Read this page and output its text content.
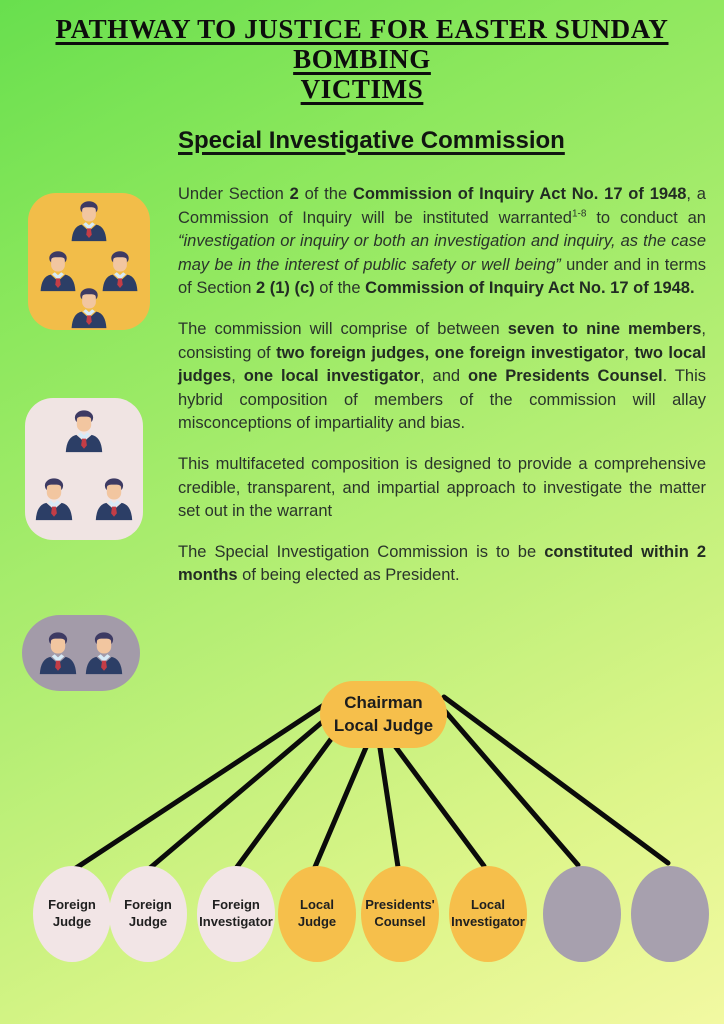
PATHWAY TO JUSTICE FOR EASTER SUNDAY BOMBING
VICTIMS
Special Investigative Commission

Under Section 2 of the Commission of Inquiry Act No. 17 of 1948, a Commission of Inquiry will be instituted warranted$^{1-8}$ to conduct an “investigation or inquiry or both an investigation and inquiry, as the case may be in the interest of public safety or well being” under and in terms of Section 2 (1) (c) of the Commission of Inquiry Act No. 17 of 1948.

The commission will comprise of between seven to nine members, consisting of two foreign judges, one foreign investigator, two local judges, one local investigator, and one Presidents Counsel. This hybrid composition of members of the commission will allay misconceptions of impartiality and bias.

This multifaceted composition is designed to provide a comprehensive credible, transparent, and impartial approach to investigate the matter set out in the warrant

The Special Investigation Commission is to be constituted within 2 months of being elected as President.

Chairman
Local Judge
Foreign
Judge
Foreign
Judge
Foreign
Investigator
Local
Judge
Presidents'
Counsel
Local
Investigator
